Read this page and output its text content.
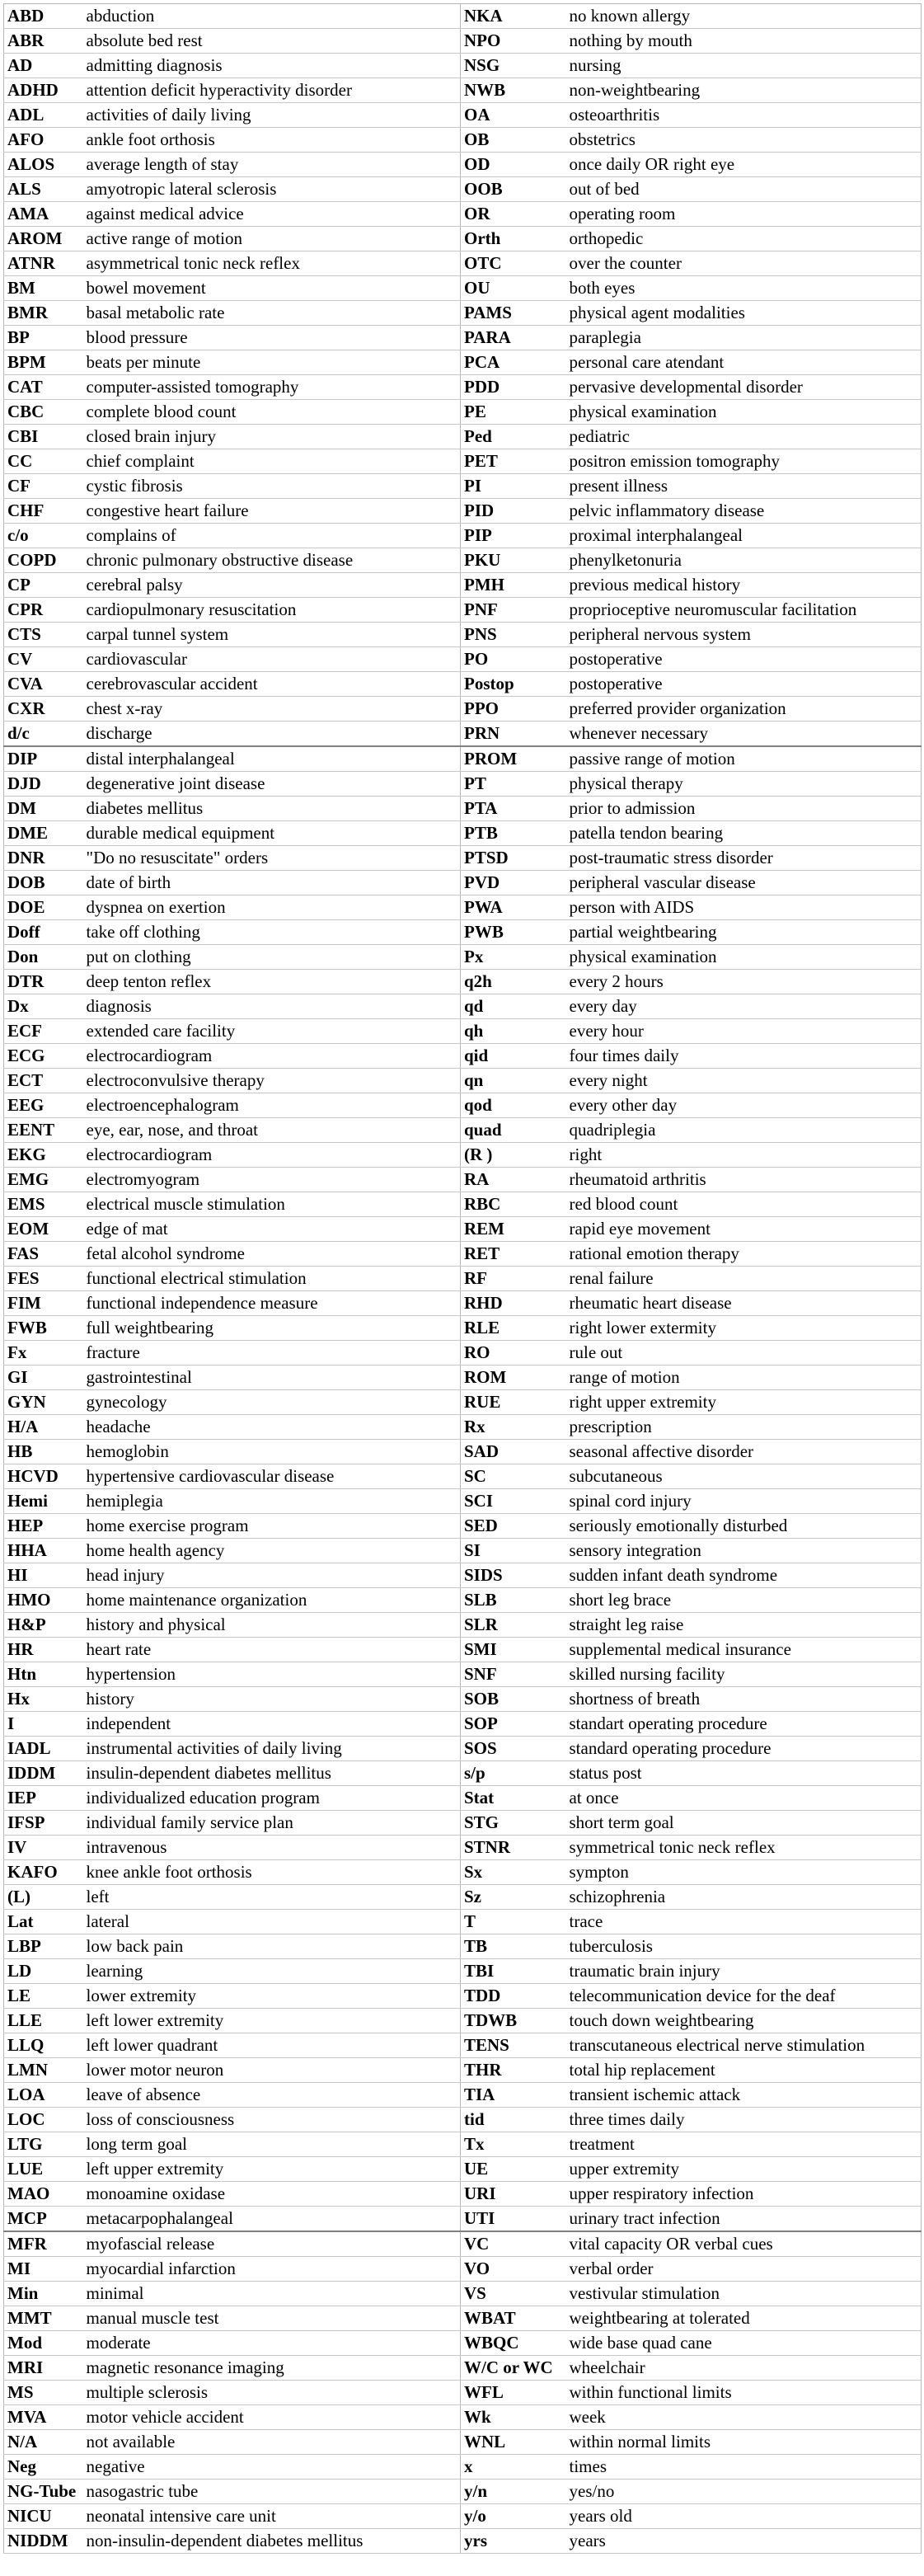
ABD	abduction	NKA	no known allergy
ABR	absolute bed rest	NPO	nothing by mouth
AD	admitting diagnosis	NSG	nursing
ADHD	attention deficit hyperactivity disorder	NWB	non-weightbearing
ADL	activities of daily living	OA	osteoarthritis
AFO	ankle foot orthosis	OB	obstetrics
ALOS	average length of stay	OD	once daily OR right eye
ALS	amyotropic lateral sclerosis	OOB	out of bed
AMA	against medical advice	OR	operating room
AROM	active range of motion	Orth	orthopedic
ATNR	asymmetrical tonic neck reflex	OTC	over the counter
BM	bowel movement	OU	both eyes
BMR	basal metabolic rate	PAMS	physical agent modalities
BP	blood pressure	PARA	paraplegia
BPM	beats per minute	PCA	personal care atendant
CAT	computer-assisted tomography	PDD	pervasive developmental disorder
CBC	complete blood count	PE	physical examination
CBI	closed brain injury	Ped	pediatric
CC	chief complaint	PET	positron emission tomography
CF	cystic fibrosis	PI	present illness
CHF	congestive heart failure	PID	pelvic inflammatory disease
c/o	complains of	PIP	proximal interphalangeal
COPD	chronic pulmonary obstructive disease	PKU	phenylketonuria
CP	cerebral palsy	PMH	previous medical history
CPR	cardiopulmonary resuscitation	PNF	proprioceptive neuromuscular facilitation
CTS	carpal tunnel system	PNS	peripheral nervous system
CV	cardiovascular	PO	postoperative
CVA	cerebrovascular accident	Postop	postoperative
CXR	chest x-ray	PPO	preferred provider organization
d/c	discharge	PRN	whenever necessary
DIP	distal interphalangeal	PROM	passive range of motion
DJD	degenerative joint disease	PT	physical therapy
DM	diabetes mellitus	PTA	prior to admission
DME	durable medical equipment	PTB	patella tendon bearing
DNR	"Do no resuscitate" orders	PTSD	post-traumatic stress disorder
DOB	date of birth	PVD	peripheral vascular disease
DOE	dyspnea on exertion	PWA	person with AIDS
Doff	take off clothing	PWB	partial weightbearing
Don	put on clothing	Px	physical examination
DTR	deep tenton reflex	q2h	every 2 hours
Dx	diagnosis	qd	every day
ECF	extended care facility	qh	every hour
ECG	electrocardiogram	qid	four times daily
ECT	electroconvulsive therapy	qn	every night
EEG	electroencephalogram	qod	every other day
EENT	eye, ear, nose, and throat	quad	quadriplegia
EKG	electrocardiogram	(R )	right
EMG	electromyogram	RA	rheumatoid arthritis
EMS	electrical muscle stimulation	RBC	red blood count
EOM	edge of mat	REM	rapid eye movement
FAS	fetal alcohol syndrome	RET	rational emotion therapy
FES	functional electrical stimulation	RF	renal failure
FIM	functional independence measure	RHD	rheumatic heart disease
FWB	full weightbearing	RLE	right lower extermity
Fx	fracture	RO	rule out
GI	gastrointestinal	ROM	range of motion
GYN	gynecology	RUE	right upper extremity
H/A	headache	Rx	prescription
HB	hemoglobin	SAD	seasonal affective disorder
HCVD	hypertensive cardiovascular disease	SC	subcutaneous
Hemi	hemiplegia	SCI	spinal cord injury
HEP	home exercise program	SED	seriously emotionally disturbed
HHA	home health agency	SI	sensory integration
HI	head injury	SIDS	sudden infant death syndrome
HMO	home maintenance organization	SLB	short leg brace
H&P	history and physical	SLR	straight leg raise
HR	heart rate	SMI	supplemental medical insurance
Htn	hypertension	SNF	skilled nursing facility
Hx	history	SOB	shortness of breath
I	independent	SOP	standart operating procedure
IADL	instrumental activities of daily living	SOS	standard operating procedure
IDDM	insulin-dependent diabetes mellitus	s/p	status post
IEP	individualized education program	Stat	at once
IFSP	individual family service plan	STG	short term goal
IV	intravenous	STNR	symmetrical tonic neck reflex
KAFO	knee ankle foot orthosis	Sx	sympton
(L)	left	Sz	schizophrenia
Lat	lateral	T	trace
LBP	low back pain	TB	tuberculosis
LD	learning	TBI	traumatic brain injury
LE	lower extremity	TDD	telecommunication device for the deaf
LLE	left lower extremity	TDWB	touch down weightbearing
LLQ	left lower quadrant	TENS	transcutaneous electrical nerve stimulation
LMN	lower motor neuron	THR	total hip replacement
LOA	leave of absence	TIA	transient ischemic attack
LOC	loss of consciousness	tid	three times daily
LTG	long term goal	Tx	treatment
LUE	left upper extremity	UE	upper extremity
MAO	monoamine oxidase	URI	upper respiratory infection
MCP	metacarpophalangeal	UTI	urinary tract infection
MFR	myofascial release	VC	vital capacity OR verbal cues
MI	myocardial infarction	VO	verbal order
Min	minimal	VS	vestivular stimulation
MMT	manual muscle test	WBAT	weightbearing at tolerated
Mod	moderate	WBQC	wide base quad cane
MRI	magnetic resonance imaging	W/C or WC	wheelchair
MS	multiple sclerosis	WFL	within functional limits
MVA	motor vehicle accident	Wk	week
N/A	not available	WNL	within normal limits
Neg	negative	x	times
NG-Tube	nasogastric tube	y/n	yes/no
NICU	neonatal intensive care unit	y/o	years old
NIDDM	non-insulin-dependent diabetes mellitus	yrs	years
